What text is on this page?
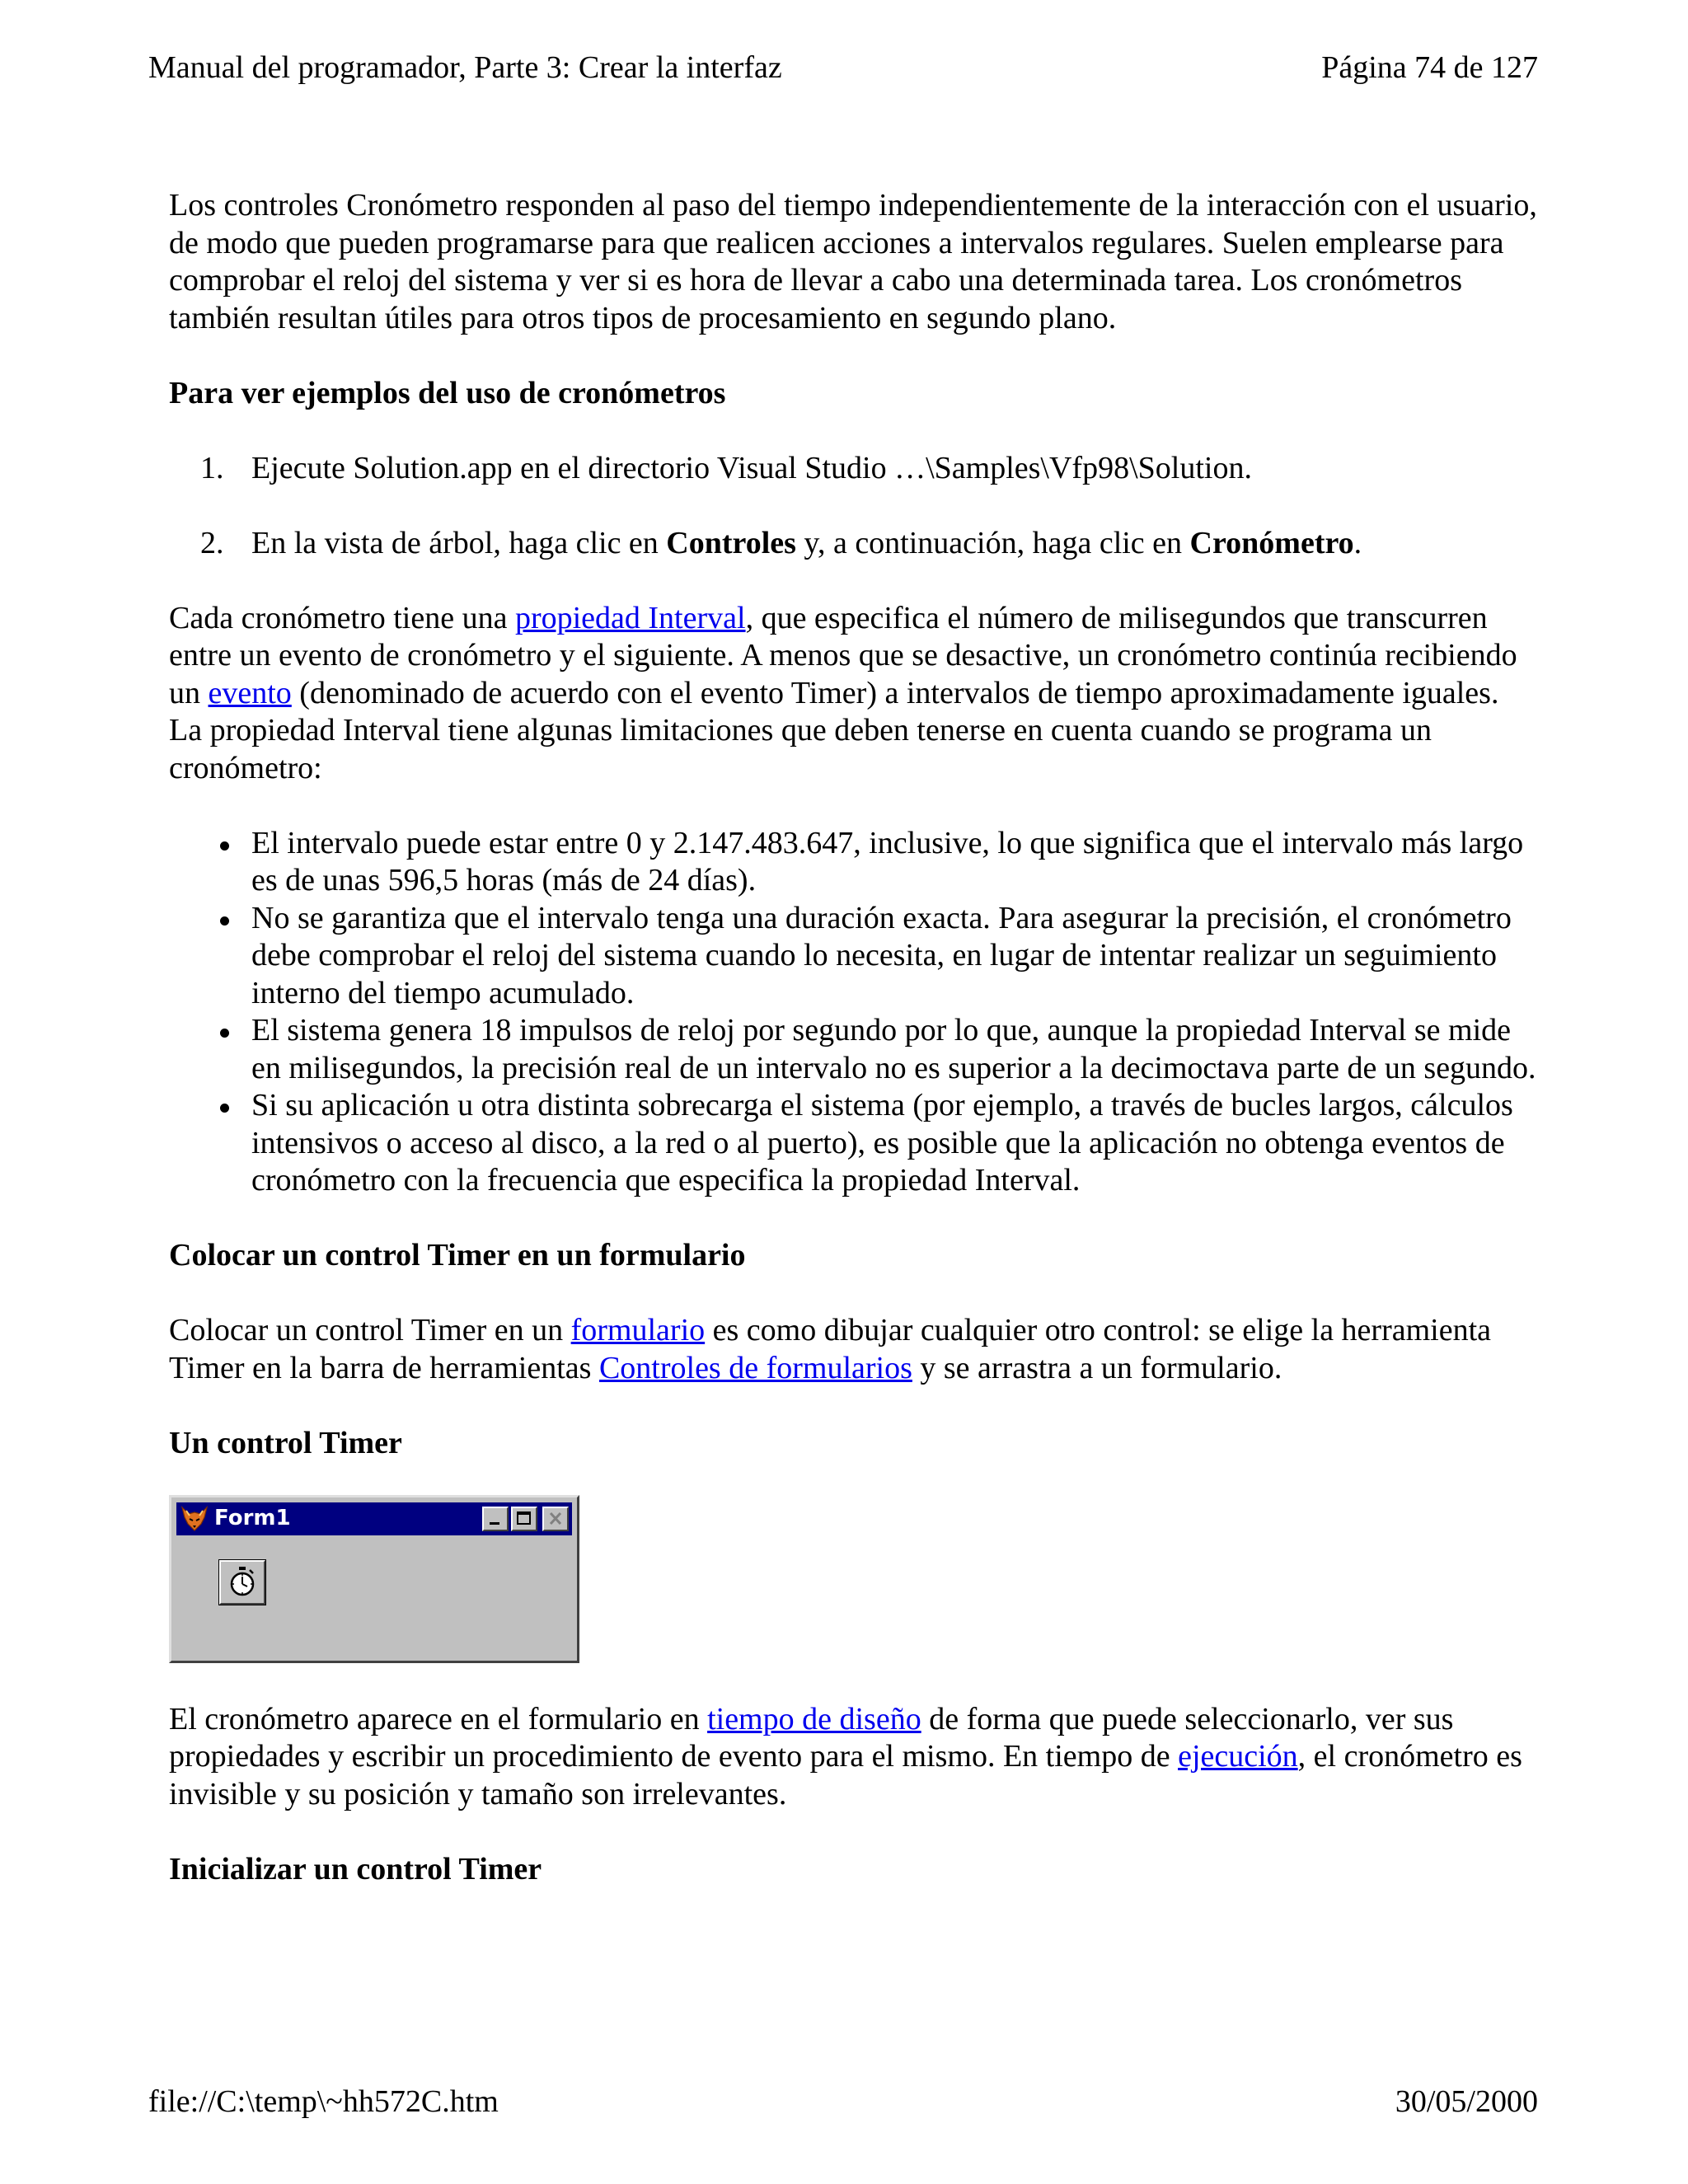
Manual del programador, Parte 3: Crear la interfaz	Página 74 de 127

Los controles Cronómetro responden al paso del tiempo independientemente de la interacción con el usuario, de modo que pueden programarse para que realicen acciones a intervalos regulares. Suelen emplearse para comprobar el reloj del sistema y ver si es hora de llevar a cabo una determinada tarea. Los cronómetros también resultan útiles para otros tipos de procesamiento en segundo plano.

Para ver ejemplos del uso de cronómetros
1. Ejecute Solution.app en el directorio Visual Studio …\Samples\Vfp98\Solution.
2. En la vista de árbol, haga clic en Controles y, a continuación, haga clic en Cronómetro.

Cada cronómetro tiene una propiedad Interval, que especifica el número de milisegundos que transcurren entre un evento de cronómetro y el siguiente. A menos que se desactive, un cronómetro continúa recibiendo un evento (denominado de acuerdo con el evento Timer) a intervalos de tiempo aproximadamente iguales. La propiedad Interval tiene algunas limitaciones que deben tenerse en cuenta cuando se programa un cronómetro:

El intervalo puede estar entre 0 y 2.147.483.647, inclusive, lo que significa que el intervalo más largo es de unas 596,5 horas (más de 24 días).
No se garantiza que el intervalo tenga una duración exacta. Para asegurar la precisión, el cronómetro debe comprobar el reloj del sistema cuando lo necesita, en lugar de intentar realizar un seguimiento interno del tiempo acumulado.
El sistema genera 18 impulsos de reloj por segundo por lo que, aunque la propiedad Interval se mide en milisegundos, la precisión real de un intervalo no es superior a la decimoctava parte de un segundo.
Si su aplicación u otra distinta sobrecarga el sistema (por ejemplo, a través de bucles largos, cálculos intensivos o acceso al disco, a la red o al puerto), es posible que la aplicación no obtenga eventos de cronómetro con la frecuencia que especifica la propiedad Interval.
Colocar un control Timer en un formulario

Colocar un control Timer en un formulario es como dibujar cualquier otro control: se elige la herramienta Timer en la barra de herramientas Controles de formularios y se arrastra a un formulario.

Un control Timer
Form1

El cronómetro aparece en el formulario en tiempo de diseño de forma que puede seleccionarlo, ver sus propiedades y escribir un procedimiento de evento para el mismo. En tiempo de ejecución, el cronómetro es invisible y su posición y tamaño son irrelevantes.

Inicializar un control Timer
file://C:\temp\~hh572C.htm	30/05/2000
